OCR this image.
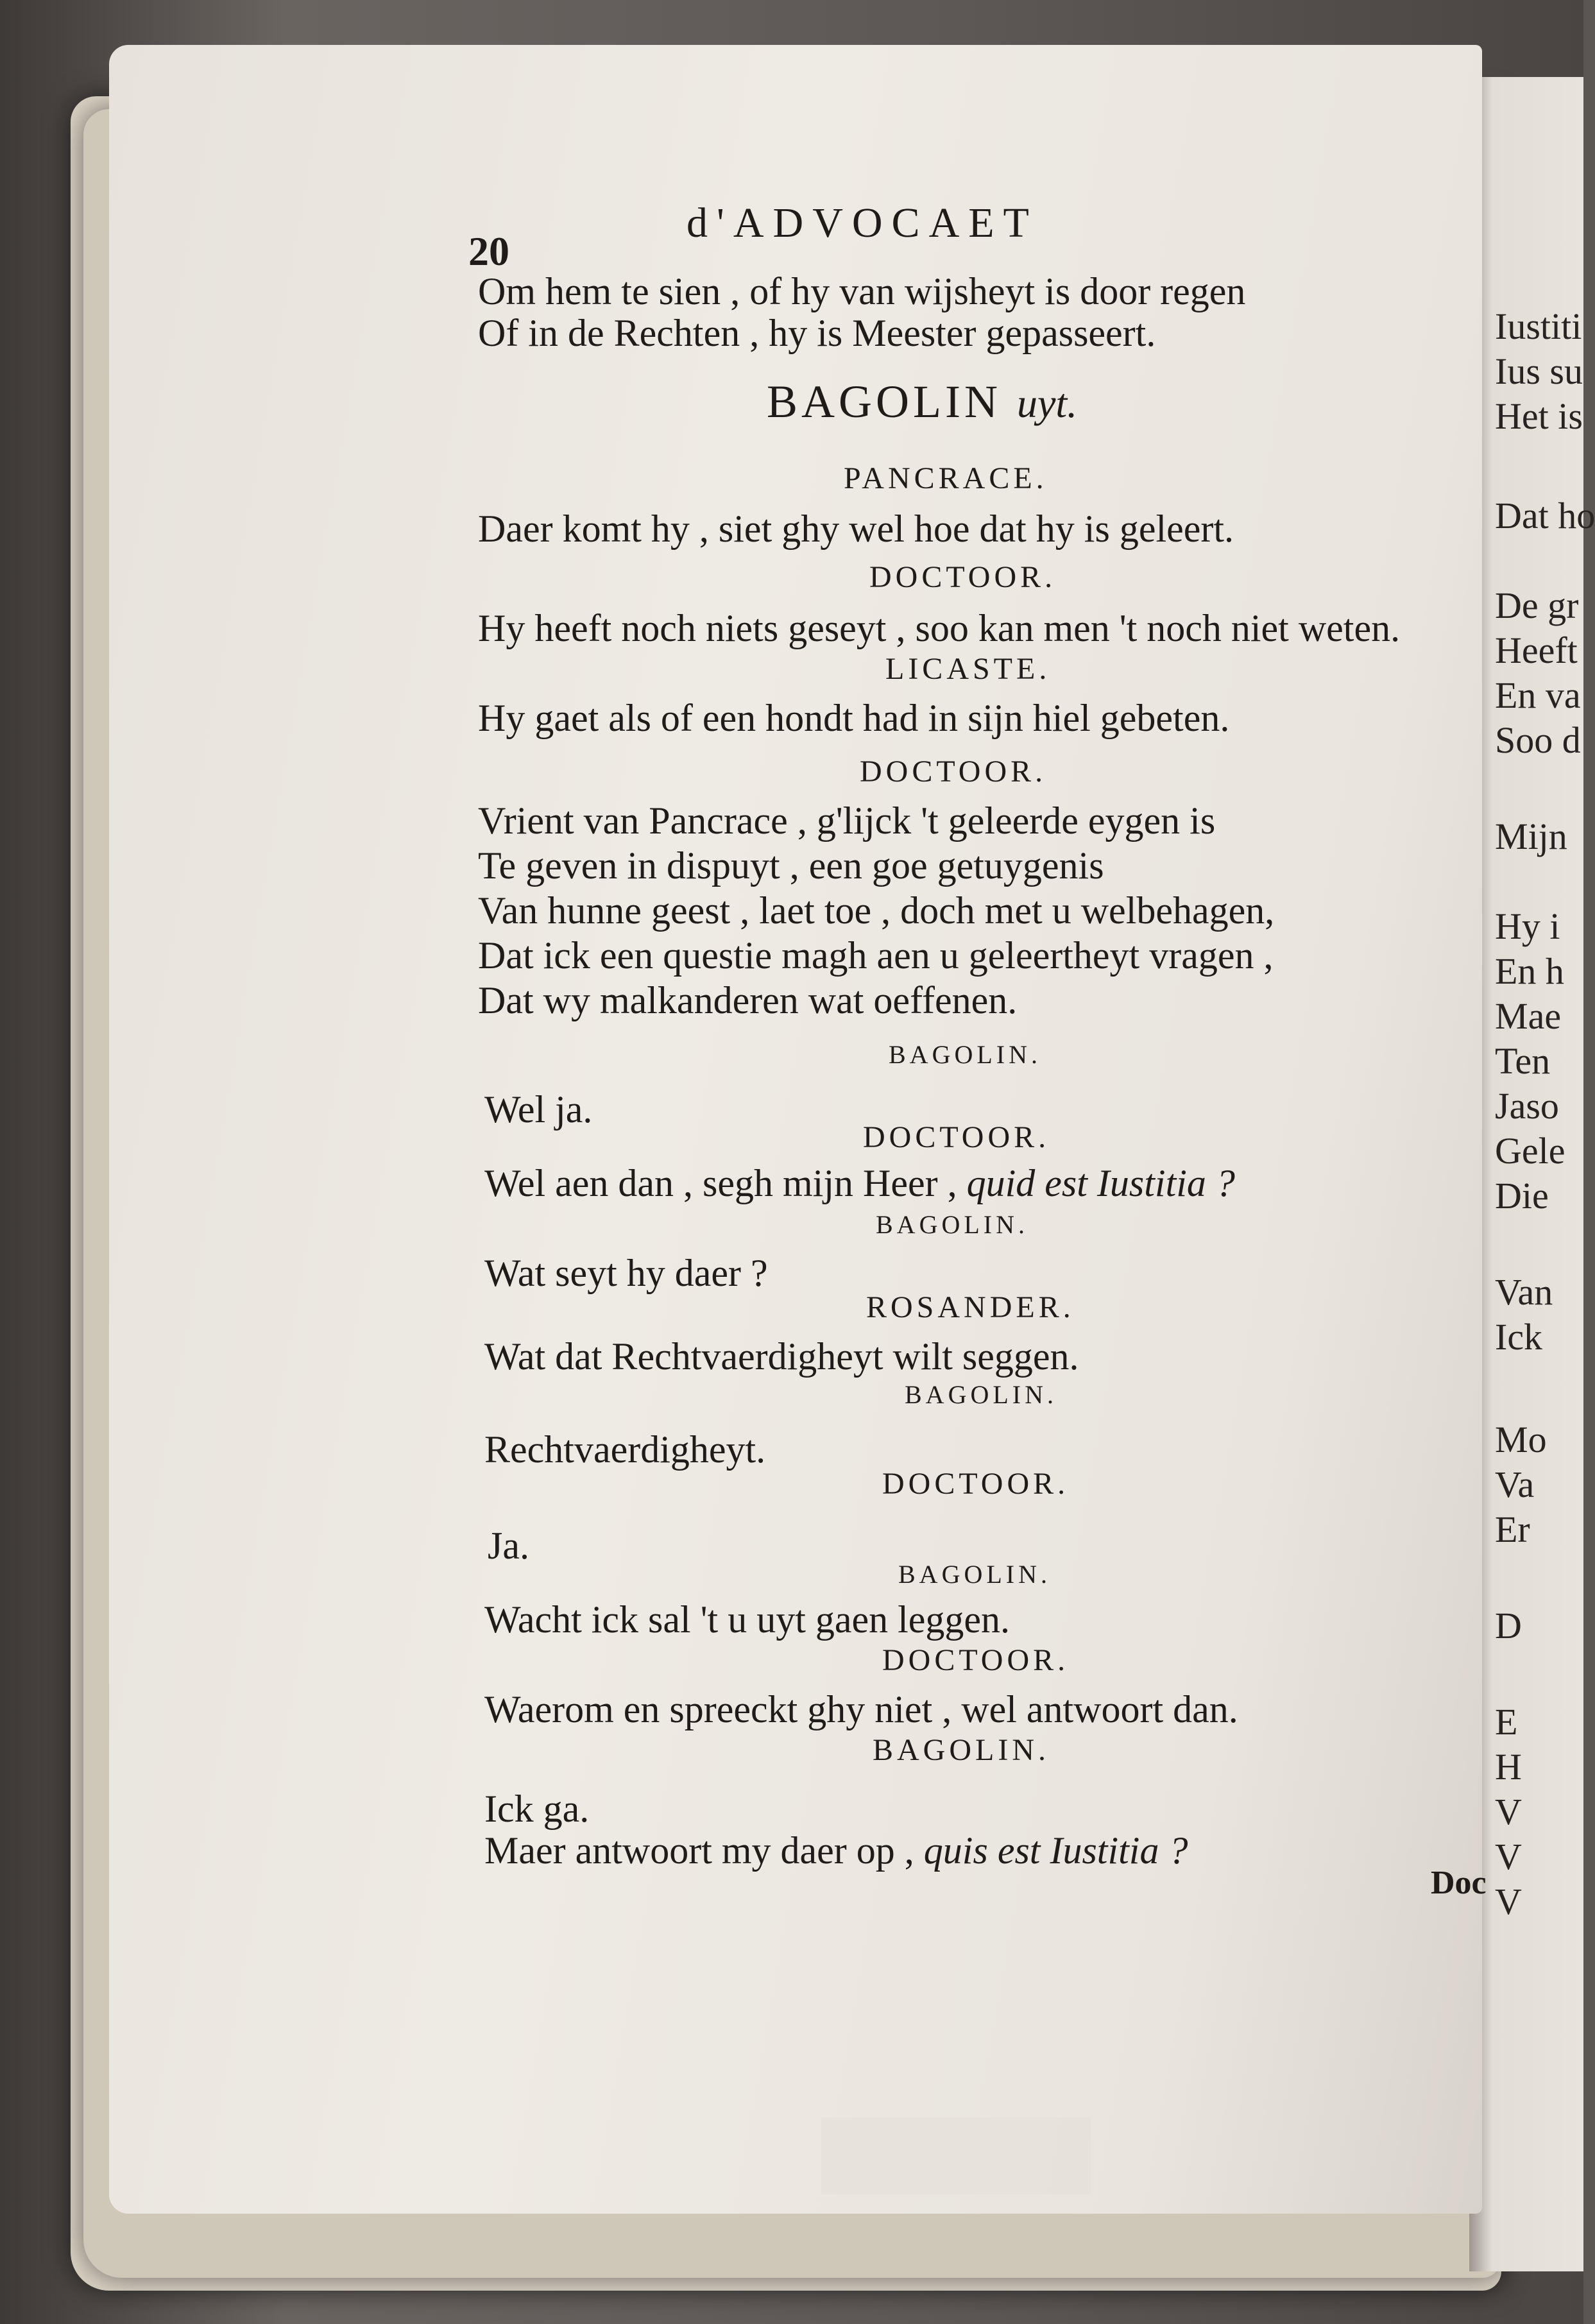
Iustiti
Ius su
Het is
Dat ho
De gr
Heeft
En va
Soo d
Mijn
Hy i
En h
Mae
Ten
Jaso
Gele
Die
Van
Ick
Mo
Va
Er
D
E
H
V
V
V
20
d'ADVOCAET
Om hem te sien , of hy van wijsheyt is door regen
Of in de Rechten , hy is Meester gepasseert.
BAGOLIN uyt.
PANCRACE.
Daer komt hy , siet ghy wel hoe dat hy is geleert.
DOCTOOR.
Hy heeft noch niets geseyt , soo kan men 't noch niet weten.
LICASTE.
Hy gaet als of een hondt had in sijn hiel gebeten.
DOCTOOR.
Vrient van Pancrace , g'lijck 't geleerde eygen is
Te geven in dispuyt , een goe getuygenis
Van hunne geest , laet toe , doch met u welbehagen,
Dat ick een questie magh aen u geleertheyt vragen ,
Dat wy malkanderen wat oeffenen.
BAGOLIN.
Wel ja.
DOCTOOR.
Wel aen dan , segh mijn Heer , quid est Iustitia ?
BAGOLIN.
Wat seyt hy daer ?
ROSANDER.
Wat dat Rechtvaerdigheyt wilt seggen.
BAGOLIN.
Rechtvaerdigheyt.
DOCTOOR.
Ja.
BAGOLIN.
Wacht ick sal 't u uyt gaen leggen.
DOCTOOR.
Waerom en spreeckt ghy niet , wel antwoort dan.
BAGOLIN.
Ick ga.
Maer antwoort my daer op , quis est Iustitia ?
Doc
